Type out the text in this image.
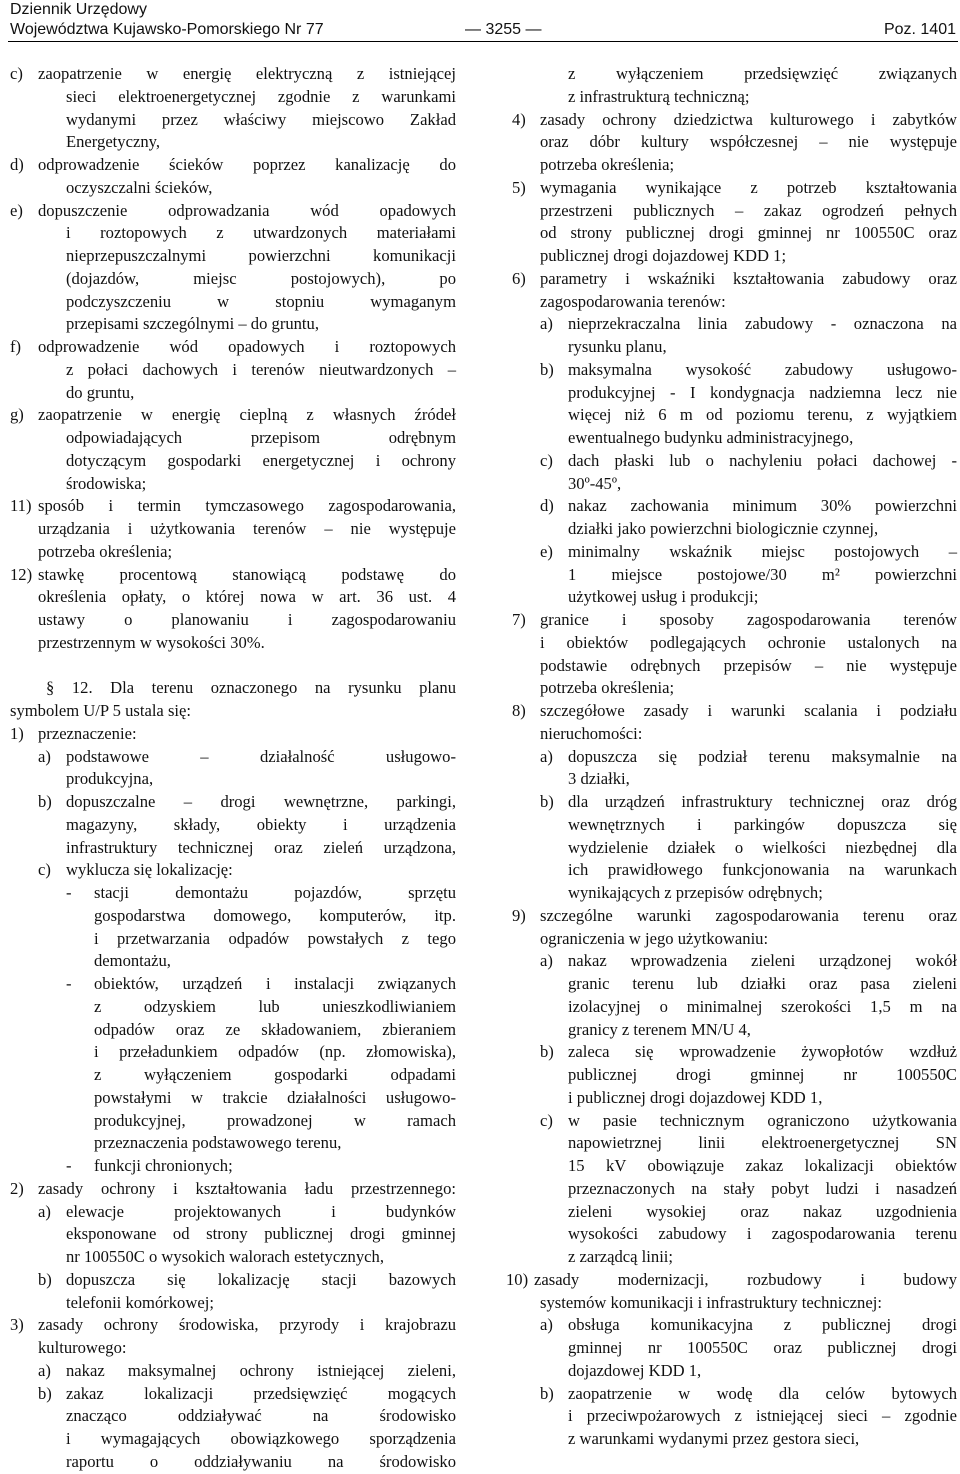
Dziennik Urzędowy
Województwa Kujawsko-Pomorskiego Nr 77	— 3255 —	Poz. 1401
c) zaopatrzenie w energię elektryczną z istniejącej
sieci elektroenergetycznej zgodnie z warunkami
wydanymi przez właściwy miejscowo Zakład
Energetyczny,
d) odprowadzenie ścieków poprzez kanalizację do
oczyszczalni ścieków,
e) dopuszczenie odprowadzania wód opadowych
i roztopowych z utwardzonych materiałami
nieprzepuszczalnymi powierzchni komunikacji
(dojazdów, miejsc postojowych), po
podczyszczeniu w stopniu wymaganym
przepisami szczególnymi – do gruntu,
f) odprowadzenie wód opadowych i roztopowych
z połaci dachowych i terenów nieutwardzonych –
do gruntu,
g) zaopatrzenie w energię cieplną z własnych źródeł
odpowiadających przepisom odrębnym
dotyczącym gospodarki energetycznej i ochrony
środowiska;
11) sposób i termin tymczasowego zagospodarowania,
urządzania i użytkowania terenów – nie występuje
potrzeba określenia;
12) stawkę procentową stanowiącą podstawę do
określenia opłaty, o której nowa w art. 36 ust. 4
ustawy o planowaniu i zagospodarowaniu
przestrzennym w wysokości 30%.
§ 12. Dla terenu oznaczonego na rysunku planu
symbolem U/P 5 ustala się:
1) przeznaczenie:
a) podstawowe – działalność usługowo-
produkcyjna,
b) dopuszczalne – drogi wewnętrzne, parkingi,
magazyny, składy, obiekty i urządzenia
infrastruktury technicznej oraz zieleń urządzona,
c) wyklucza się lokalizację:
- stacji demontażu pojazdów, sprzętu
gospodarstwa domowego, komputerów, itp.
i przetwarzania odpadów powstałych z tego
demontażu,
- obiektów, urządzeń i instalacji związanych
z odzyskiem lub unieszkodliwianiem
odpadów oraz ze składowaniem, zbieraniem
i przeładunkiem odpadów (np. złomowiska),
z wyłączeniem gospodarki odpadami
powstałymi w trakcie działalności usługowo-
produkcyjnej, prowadzonej w ramach
przeznaczenia podstawowego terenu,
- funkcji chronionych;
2) zasady ochrony i kształtowania ładu przestrzennego:
a) elewacje projektowanych i budynków
eksponowane od strony publicznej drogi gminnej
nr 100550C o wysokich walorach estetycznych,
b) dopuszcza się lokalizację stacji bazowych
telefonii komórkowej;
3) zasady ochrony środowiska, przyrody i krajobrazu
kulturowego:
a) nakaz maksymalnej ochrony istniejącej zieleni,
b) zakaz lokalizacji przedsięwzięć mogących
znacząco oddziaływać na środowisko
i wymagających obowiązkowego sporządzenia
raportu o oddziaływaniu na środowisko
z wyłączeniem przedsięwzięć związanych
z infrastrukturą techniczną;
4) zasady ochrony dziedzictwa kulturowego i zabytków
oraz dóbr kultury współczesnej – nie występuje
potrzeba określenia;
5) wymagania wynikające z potrzeb kształtowania
przestrzeni publicznych – zakaz ogrodzeń pełnych
od strony publicznej drogi gminnej nr 100550C oraz
publicznej drogi dojazdowej KDD 1;
6) parametry i wskaźniki kształtowania zabudowy oraz
zagospodarowania terenów:
a) nieprzekraczalna linia zabudowy - oznaczona na
rysunku planu,
b) maksymalna wysokość zabudowy usługowo-
produkcyjnej - I kondygnacja nadziemna lecz nie
więcej niż 6 m od poziomu terenu, z wyjątkiem
ewentualnego budynku administracyjnego,
c) dach płaski lub o nachyleniu połaci dachowej -
30º-45º,
d) nakaz zachowania minimum 30% powierzchni
działki jako powierzchni biologicznie czynnej,
e) minimalny wskaźnik miejsc postojowych –
1 miejsce postojowe/30 m² powierzchni
użytkowej usług i produkcji;
7) granice i sposoby zagospodarowania terenów
i obiektów podlegających ochronie ustalonych na
podstawie odrębnych przepisów – nie występuje
potrzeba określenia;
8) szczegółowe zasady i warunki scalania i podziału
nieruchomości:
a) dopuszcza się podział terenu maksymalnie na
3 działki,
b) dla urządzeń infrastruktury technicznej oraz dróg
wewnętrznych i parkingów dopuszcza się
wydzielenie działek o wielkości niezbędnej dla
ich prawidłowego funkcjonowania na warunkach
wynikających z przepisów odrębnych;
9) szczególne warunki zagospodarowania terenu oraz
ograniczenia w jego użytkowaniu:
a) nakaz wprowadzenia zieleni urządzonej wokół
granic terenu lub działki oraz pasa zieleni
izolacyjnej o minimalnej szerokości 1,5 m na
granicy z terenem MN/U 4,
b) zaleca się wprowadzenie żywopłotów wzdłuż
publicznej drogi gminnej nr 100550C
i publicznej drogi dojazdowej KDD 1,
c) w pasie technicznym ograniczono użytkowania
napowietrznej linii elektroenergetycznej SN
15 kV obowiązuje zakaz lokalizacji obiektów
przeznaczonych na stały pobyt ludzi i nasadzeń
zieleni wysokiej oraz nakaz uzgodnienia
wysokości zabudowy i zagospodarowania terenu
z zarządcą linii;
10) zasady modernizacji, rozbudowy i budowy
systemów komunikacji i infrastruktury technicznej:
a) obsługa komunikacyjna z publicznej drogi
gminnej nr 100550C oraz publicznej drogi
dojazdowej KDD 1,
b) zaopatrzenie w wodę dla celów bytowych
i przeciwpożarowych z istniejącej sieci – zgodnie
z warunkami wydanymi przez gestora sieci,
